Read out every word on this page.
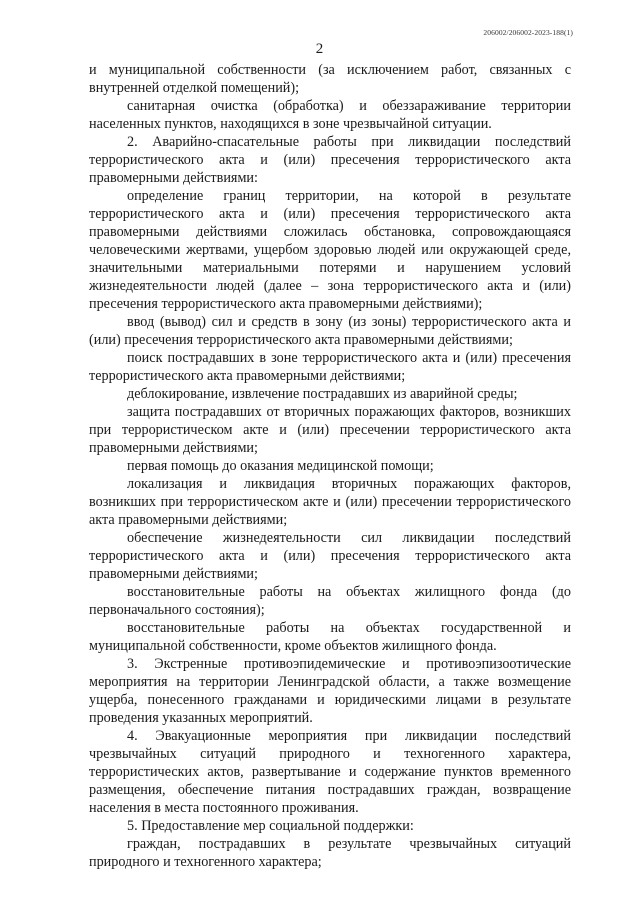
206002/206002-2023-188(1)
2

и муниципальной собственности (за исключением работ, связанных с внутренней отделкой помещений);

санитарная очистка (обработка) и обеззараживание территории населенных пунктов, находящихся в зоне чрезвычайной ситуации.

2. Аварийно-спасательные работы при ликвидации последствий террористического акта и (или) пресечения террористического акта правомерными действиями:

определение границ территории, на которой в результате террористического акта и (или) пресечения террористического акта правомерными действиями сложилась обстановка, сопровождающаяся человеческими жертвами, ущербом здоровью людей или окружающей среде, значительными материальными потерями и нарушением условий жизнедеятельности людей (далее – зона террористического акта и (или) пресечения террористического акта правомерными действиями);

ввод (вывод) сил и средств в зону (из зоны) террористического акта и (или) пресечения террористического акта правомерными действиями;

поиск пострадавших в зоне террористического акта и (или) пресечения террористического акта правомерными действиями;

деблокирование, извлечение пострадавших из аварийной среды;

защита пострадавших от вторичных поражающих факторов, возникших при террористическом акте и (или) пресечении террористического акта правомерными действиями;

первая помощь до оказания медицинской помощи;

локализация и ликвидация вторичных поражающих факторов, возникших при террористическом акте и (или) пресечении террористического акта правомерными действиями;

обеспечение жизнедеятельности сил ликвидации последствий террористического акта и (или) пресечения террористического акта правомерными действиями;

восстановительные работы на объектах жилищного фонда (до первоначального состояния);

восстановительные работы на объектах государственной и муниципальной собственности, кроме объектов жилищного фонда.

3. Экстренные противоэпидемические и противоэпизоотические мероприятия на территории Ленинградской области, а также возмещение ущерба, понесенного гражданами и юридическими лицами в результате проведения указанных мероприятий.

4. Эвакуационные мероприятия при ликвидации последствий чрезвычайных ситуаций природного и техногенного характера, террористических актов, развертывание и содержание пунктов временного размещения, обеспечение питания пострадавших граждан, возвращение населения в места постоянного проживания.

5. Предоставление мер социальной поддержки:

граждан, пострадавших в результате чрезвычайных ситуаций природного и техногенного характера;
